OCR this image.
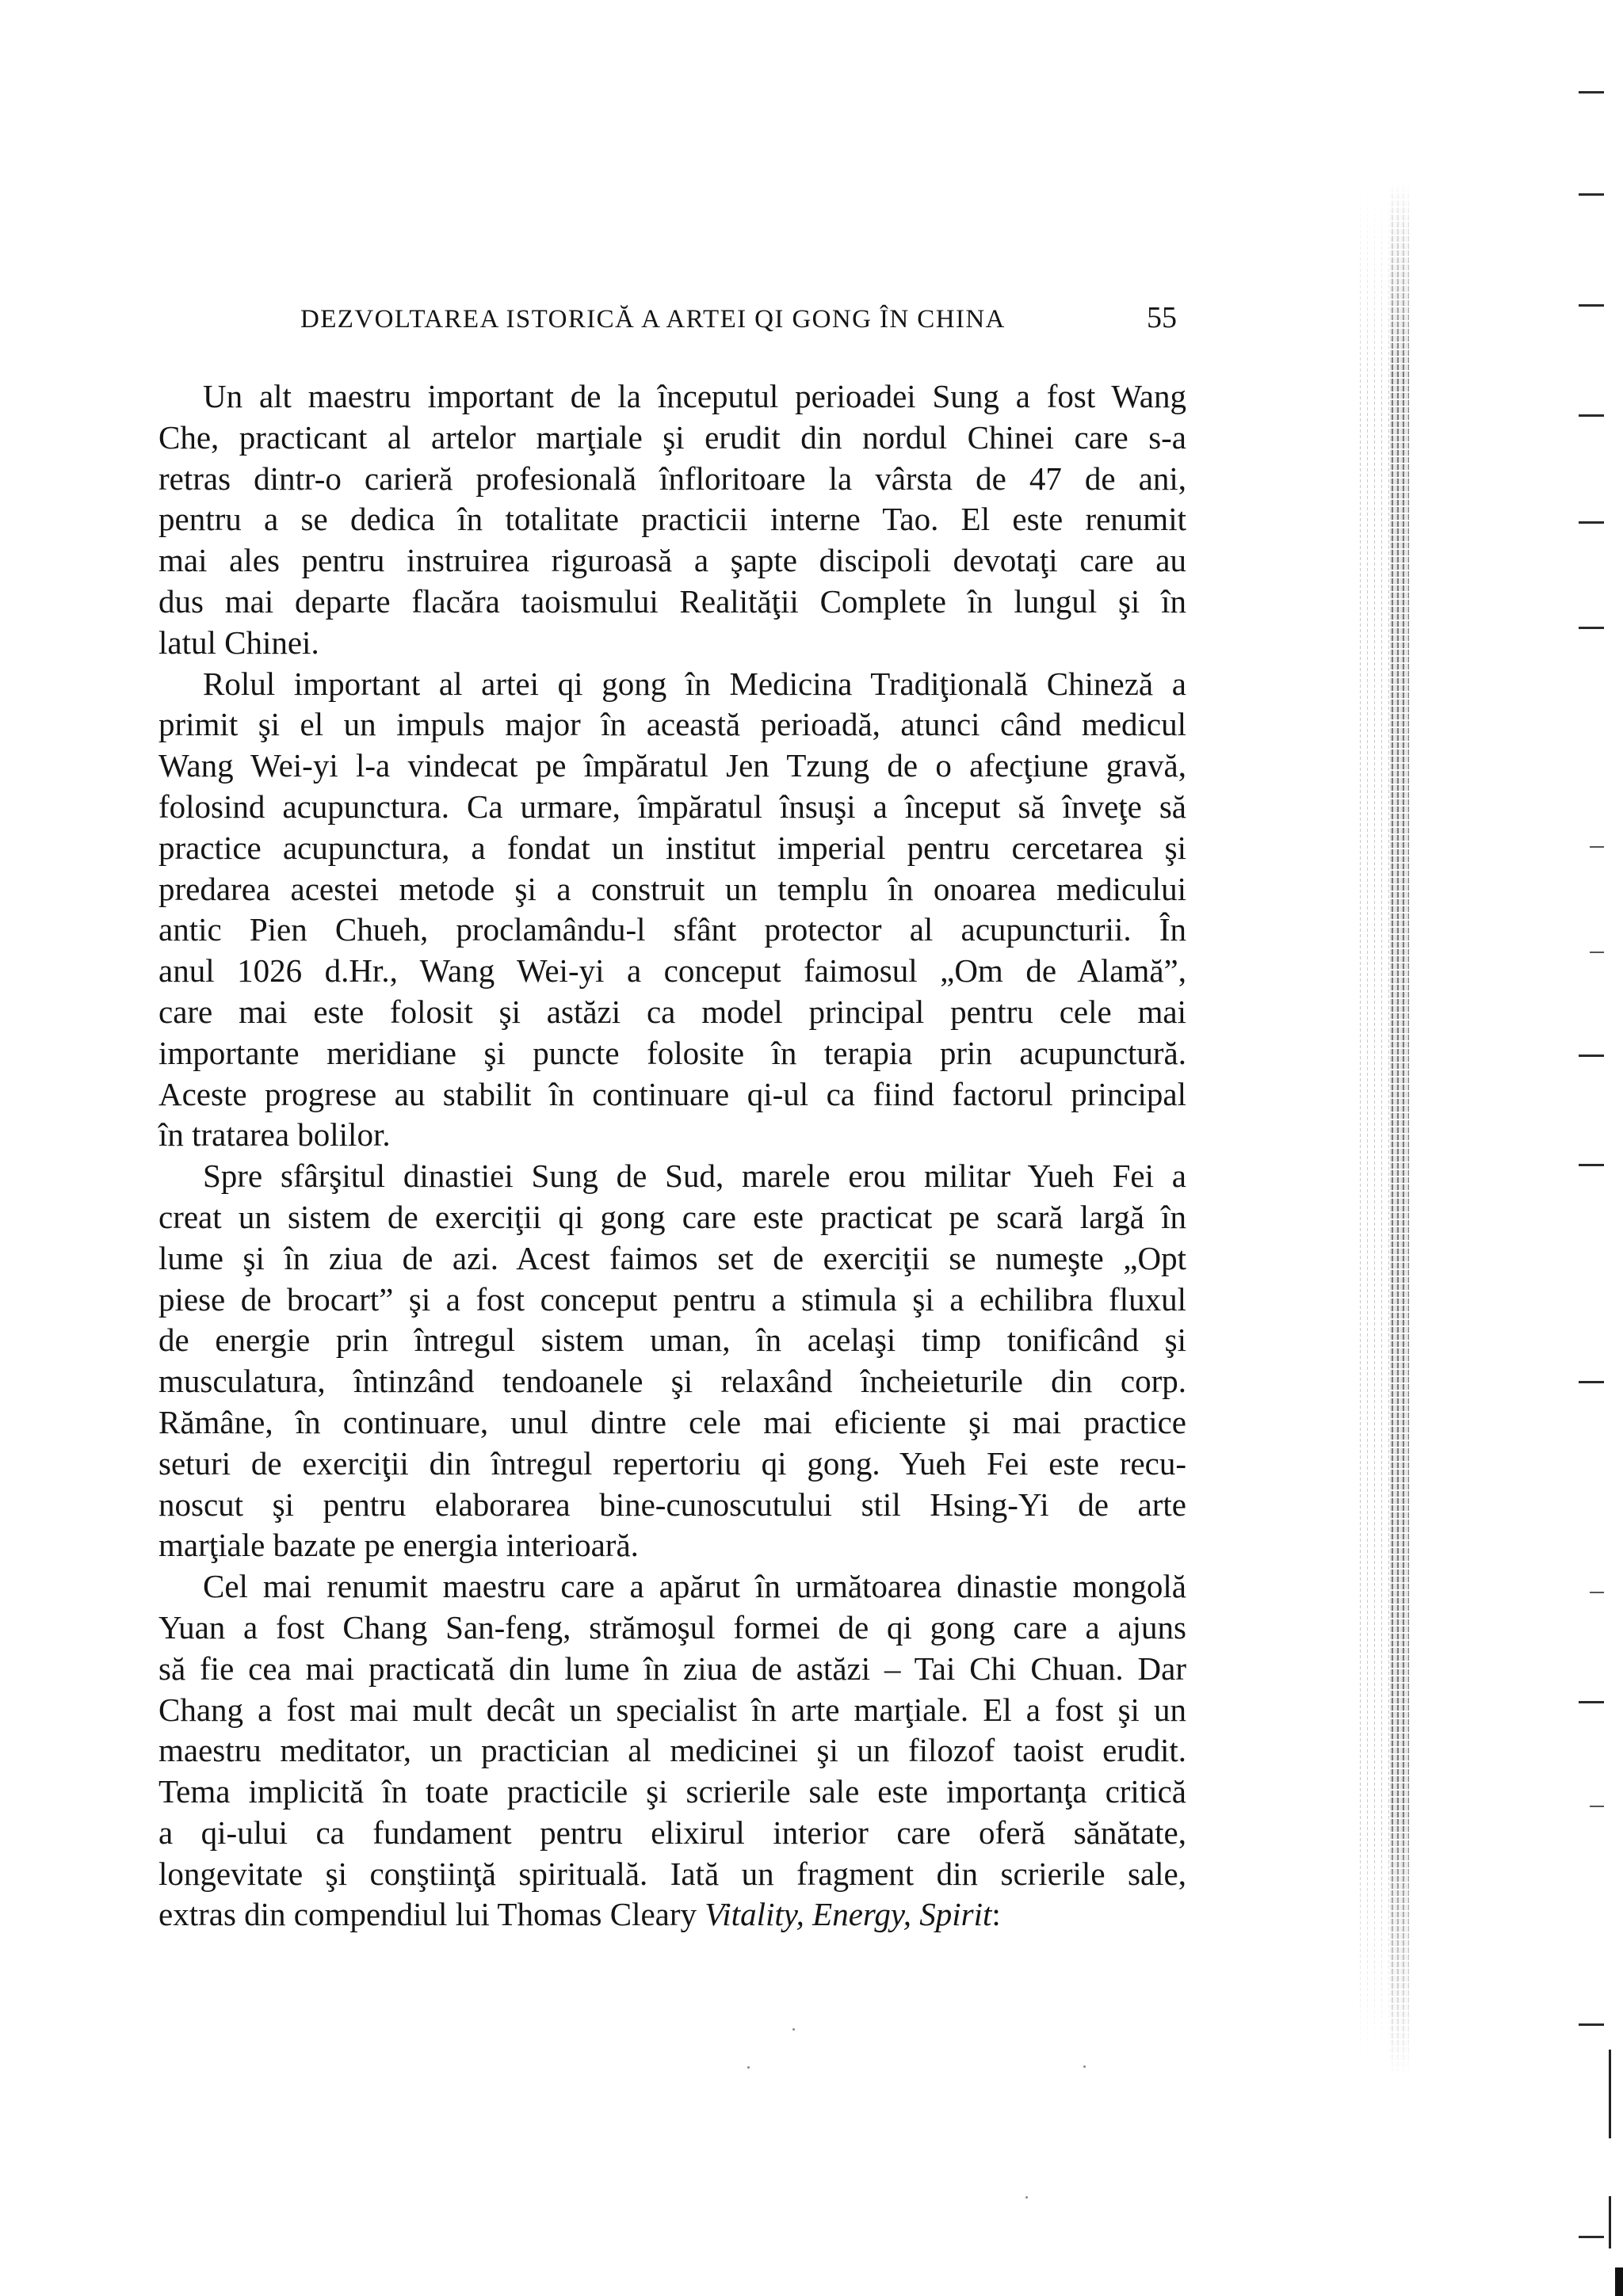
DEZVOLTAREA ISTORICĂ A ARTEI QI GONG ÎN CHINA	55
Un alt maestru important de la începutul perioadei Sung a fost Wang
Che, practicant al artelor marţiale şi erudit din nordul Chinei care s-a
retras dintr-o carieră profesională înfloritoare la vârsta de 47 de ani,
pentru a se dedica în totalitate practicii interne Tao. El este renumit
mai ales pentru instruirea riguroasă a şapte discipoli devotaţi care au
dus mai departe flacăra taoismului Realităţii Complete în lungul şi în
latul Chinei.
Rolul important al artei qi gong în Medicina Tradiţională Chineză a
primit şi el un impuls major în această perioadă, atunci când medicul
Wang Wei-yi l-a vindecat pe împăratul Jen Tzung de o afecţiune gravă,
folosind acupunctura. Ca urmare, împăratul însuşi a început să înveţe să
practice acupunctura, a fondat un institut imperial pentru cercetarea şi
predarea acestei metode şi a construit un templu în onoarea medicului
antic Pien Chueh, proclamându-l sfânt protector al acupuncturii. În
anul 1026 d.Hr., Wang Wei-yi a conceput faimosul „Om de Alamă”,
care mai este folosit şi astăzi ca model principal pentru cele mai
importante meridiane şi puncte folosite în terapia prin acupunctură.
Aceste progrese au stabilit în continuare qi-ul ca fiind factorul principal
în tratarea bolilor.
Spre sfârşitul dinastiei Sung de Sud, marele erou militar Yueh Fei a
creat un sistem de exerciţii qi gong care este practicat pe scară largă în
lume şi în ziua de azi. Acest faimos set de exerciţii se numeşte „Opt
piese de brocart” şi a fost conceput pentru a stimula şi a echilibra fluxul
de energie prin întregul sistem uman, în acelaşi timp tonificând şi
musculatura, întinzând tendoanele şi relaxând încheieturile din corp.
Rămâne, în continuare, unul dintre cele mai eficiente şi mai practice
seturi de exerciţii din întregul repertoriu qi gong. Yueh Fei este recu-
noscut şi pentru elaborarea bine-cunoscutului stil Hsing-Yi de arte
marţiale bazate pe energia interioară.
Cel mai renumit maestru care a apărut în următoarea dinastie mongolă
Yuan a fost Chang San-feng, strămoşul formei de qi gong care a ajuns
să fie cea mai practicată din lume în ziua de astăzi – Tai Chi Chuan. Dar
Chang a fost mai mult decât un specialist în arte marţiale. El a fost şi un
maestru meditator, un practician al medicinei şi un filozof taoist erudit.
Tema implicită în toate practicile şi scrierile sale este importanţa critică
a qi-ului ca fundament pentru elixirul interior care oferă sănătate,
longevitate şi conştiinţă spirituală. Iată un fragment din scrierile sale,
extras din compendiul lui Thomas Cleary Vitality, Energy, Spirit:
